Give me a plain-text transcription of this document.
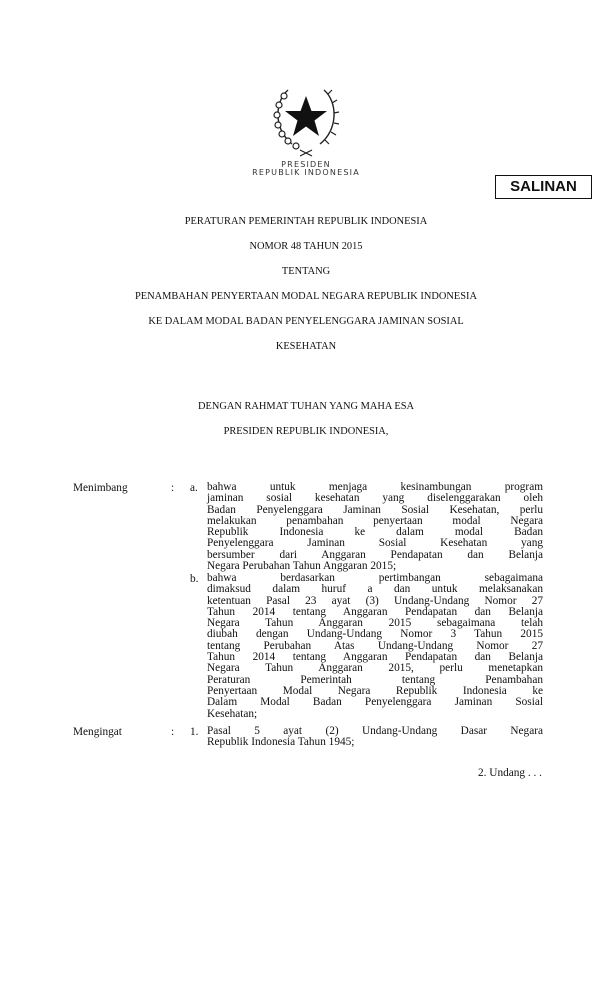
PRESIDEN
REPUBLIK INDONESIA
SALINAN
PERATURAN PEMERINTAH REPUBLIK INDONESIA
NOMOR 48 TAHUN 2015
TENTANG
PENAMBAHAN PENYERTAAN MODAL NEGARA REPUBLIK INDONESIA
KE DALAM MODAL BADAN PENYELENGGARA JAMINAN SOSIAL
KESEHATAN
DENGAN RAHMAT TUHAN YANG MAHA ESA
PRESIDEN REPUBLIK INDONESIA,
Menimbang	: a. bahwa untuk menjaga kesinambungan program
jaminan sosial kesehatan yang diselenggarakan oleh
Badan Penyelenggara Jaminan Sosial Kesehatan, perlu
melakukan penambahan penyertaan modal Negara
Republik Indonesia ke dalam modal Badan
Penyelenggara Jaminan Sosial Kesehatan yang
bersumber dari Anggaran Pendapatan dan Belanja
Negara Perubahan Tahun Anggaran 2015;
b. bahwa berdasarkan pertimbangan sebagaimana
dimaksud dalam huruf a dan untuk melaksanakan
ketentuan Pasal 23 ayat (3) Undang-Undang Nomor 27
Tahun 2014 tentang Anggaran Pendapatan dan Belanja
Negara Tahun Anggaran 2015 sebagaimana telah
diubah dengan Undang-Undang Nomor 3 Tahun 2015
tentang Perubahan Atas Undang-Undang Nomor 27
Tahun 2014 tentang Anggaran Pendapatan dan Belanja
Negara Tahun Anggaran 2015, perlu menetapkan
Peraturan Pemerintah tentang Penambahan
Penyertaan Modal Negara Republik Indonesia ke
Dalam Modal Badan Penyelenggara Jaminan Sosial
Kesehatan;
Mengingat	: 1. Pasal 5 ayat (2) Undang-Undang Dasar Negara
Republik Indonesia Tahun 1945;
2. Undang . . .
